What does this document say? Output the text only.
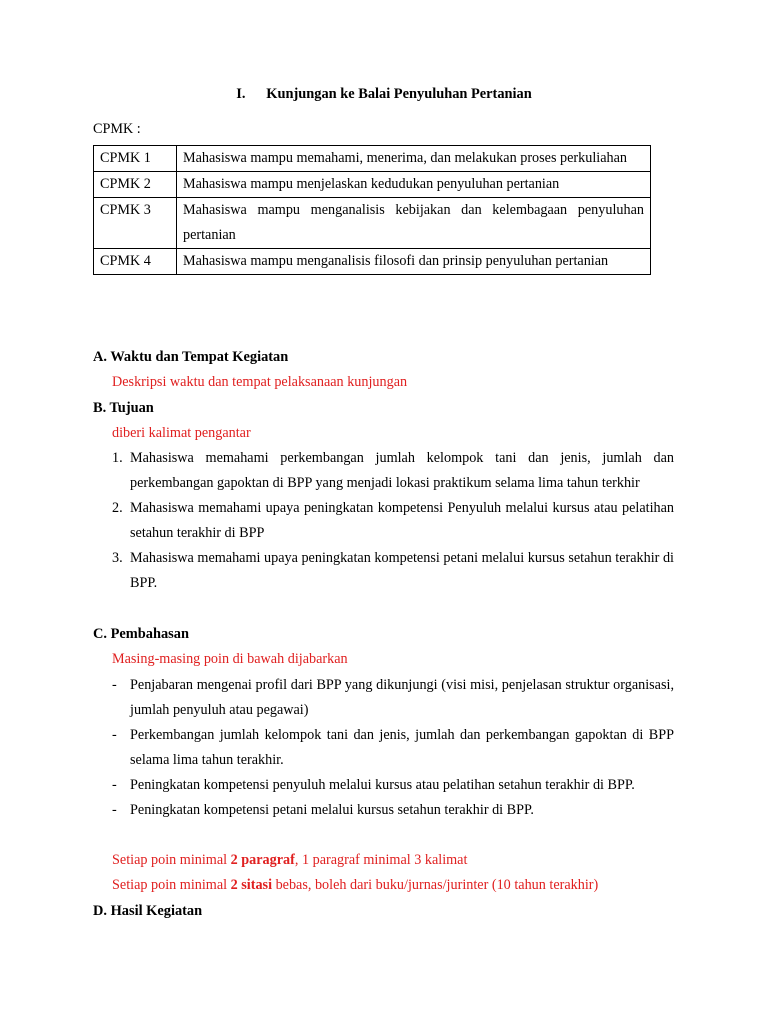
I. Kunjungan ke Balai Penyuluhan Pertanian
CPMK :
CPMK 1	Mahasiswa mampu memahami, menerima, dan melakukan proses perkuliahan
CPMK 2	Mahasiswa mampu menjelaskan kedudukan penyuluhan pertanian
CPMK 3	Mahasiswa mampu menganalisis kebijakan dan kelembagaan penyuluhan pertanian
CPMK 4	Mahasiswa mampu menganalisis filosofi dan prinsip penyuluhan pertanian
A. Waktu dan Tempat Kegiatan
Deskripsi waktu dan tempat pelaksanaan kunjungan
B. Tujuan
diberi kalimat pengantar
1. Mahasiswa memahami perkembangan jumlah kelompok tani dan jenis, jumlah dan perkembangan gapoktan di BPP yang menjadi lokasi praktikum selama lima tahun terkhir
2. Mahasiswa memahami upaya peningkatan kompetensi Penyuluh melalui kursus atau pelatihan setahun terakhir di BPP
3. Mahasiswa memahami upaya peningkatan kompetensi petani melalui kursus setahun terakhir di BPP.
C. Pembahasan
Masing-masing poin di bawah dijabarkan
- Penjabaran mengenai profil dari BPP yang dikunjungi (visi misi, penjelasan struktur organisasi, jumlah penyuluh atau pegawai)
- Perkembangan jumlah kelompok tani dan jenis, jumlah dan perkembangan gapoktan di BPP selama lima tahun terakhir.
- Peningkatan kompetensi penyuluh melalui kursus atau pelatihan setahun terakhir di BPP.
- Peningkatan kompetensi petani melalui kursus setahun terakhir di BPP.
Setiap poin minimal 2 paragraf, 1 paragraf minimal 3 kalimat
Setiap poin minimal 2 sitasi bebas, boleh dari buku/jurnas/jurinter (10 tahun terakhir)
D. Hasil Kegiatan
